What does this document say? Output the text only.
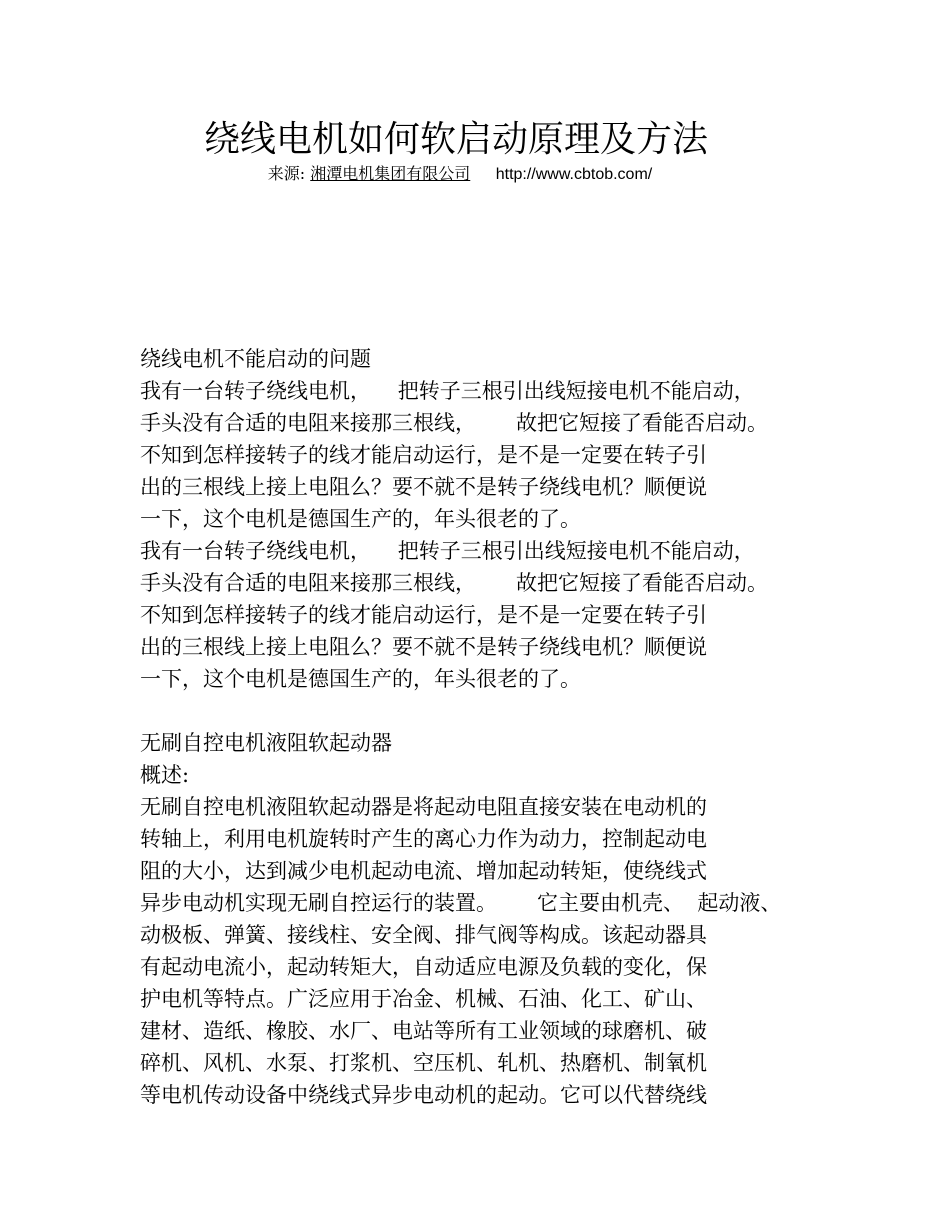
绕线电机如何软启动原理及方法
来源: 湘潭电机集团有限公司 http://www.cbtob.com/
绕线电机不能启动的问题
我有一台转子绕线电机，    把转子三根引出线短接电机不能启动，
手头没有合适的电阻来接那三根线，      故把它短接了看能否启动。
不知到怎样接转子的线才能启动运行，是不是一定要在转子引
出的三根线上接上电阻么？要不就不是转子绕线电机？顺便说
一下，这个电机是德国生产的，年头很老的了。
我有一台转子绕线电机，    把转子三根引出线短接电机不能启动，
手头没有合适的电阻来接那三根线，      故把它短接了看能否启动。
不知到怎样接转子的线才能启动运行，是不是一定要在转子引
出的三根线上接上电阻么？要不就不是转子绕线电机？顺便说
一下，这个电机是德国生产的，年头很老的了。
无刷自控电机液阻软起动器
概述:
无刷自控电机液阻软起动器是将起动电阻直接安装在电动机的
转轴上，利用电机旋转时产生的离心力作为动力，控制起动电
阻的大小，达到减少电机起动电流、增加起动转矩，使绕线式
异步电动机实现无刷自控运行的装置。      它主要由机壳、  起动液、
动极板、弹簧、接线柱、安全阀、排气阀等构成。该起动器具
有起动电流小，起动转矩大，自动适应电源及负载的变化，保
护电机等特点。广泛应用于冶金、机械、石油、化工、矿山、
建材、造纸、橡胶、水厂、电站等所有工业领域的球磨机、破
碎机、风机、水泵、打浆机、空压机、轧机、热磨机、制氧机
等电机传动设备中绕线式异步电动机的起动。它可以代替绕线
